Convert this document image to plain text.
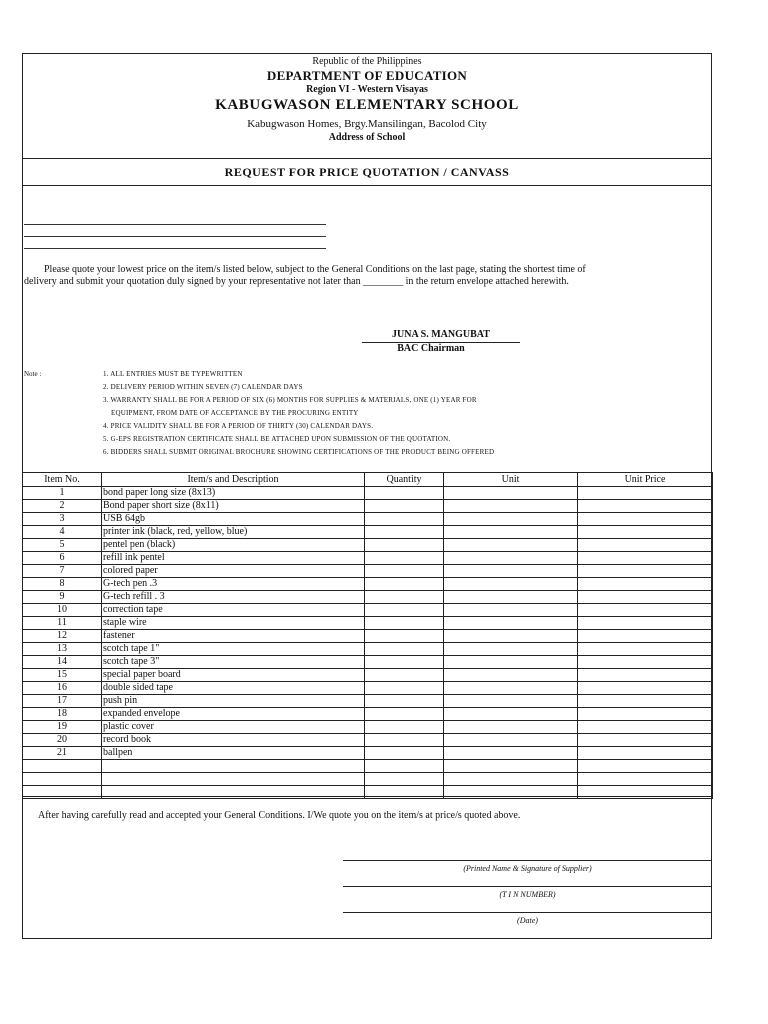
Republic of the Philippines
DEPARTMENT OF EDUCATION
Region VI - Western Visayas
KABUGWASON ELEMENTARY SCHOOL
Kabugwason Homes, Brgy.Mansilingan, Bacolod City
Address of School
REQUEST FOR PRICE QUOTATION / CANVASS
Please quote your lowest price on the item/s listed below, subject to the General Conditions on the last page, stating the shortest time of
delivery and submit your quotation duly signed by your representative not later than ________ in the return envelope attached herewith.
JUNA S. MANGUBAT
BAC Chairman
Note :	1. ALL ENTRIES MUST BE TYPEWRITTEN
2. DELIVERY PERIOD WITHIN SEVEN (7) CALENDAR DAYS
3. WARRANTY SHALL BE FOR A PERIOD OF SIX (6) MONTHS FOR SUPPLIES & MATERIALS, ONE (1) YEAR FOR
EQUIPMENT, FROM DATE OF ACCEPTANCE BY THE PROCURING ENTITY
4. PRICE VALIDITY SHALL BE FOR A PERIOD OF THIRTY (30) CALENDAR DAYS.
5. G-EPS REGISTRATION CERTIFICATE SHALL BE ATTACHED UPON SUBMISSION OF THE QUOTATION.
6. BIDDERS SHALL SUBMIT ORIGINAL BROCHURE SHOWING CERTIFICATIONS OF THE PRODUCT BEING OFFERED
Item No.	Item/s and Description	Quantity	Unit	Unit Price
1	bond paper long size (8x13)			
2	Bond paper short size (8x11)			
3	USB 64gb			
4	printer ink (black, red, yellow, blue)			
5	pentel pen (black)			
6	refill ink pentel			
7	colored paper			
8	G-tech pen .3			
9	G-tech refill . 3			
10	correction tape			
11	staple wire			
12	fastener			
13	scotch tape 1"			
14	scotch tape 3"			
15	special paper board			
16	double sided tape			
17	push pin			
18	expanded envelope			
19	plastic cover			
20	record book			
21	ballpen			

After having carefully read and accepted your General Conditions. I/We quote you on the item/s at price/s quoted above.
(Printed Name & Signature of Supplier)
(T I N NUMBER)
(Date)
